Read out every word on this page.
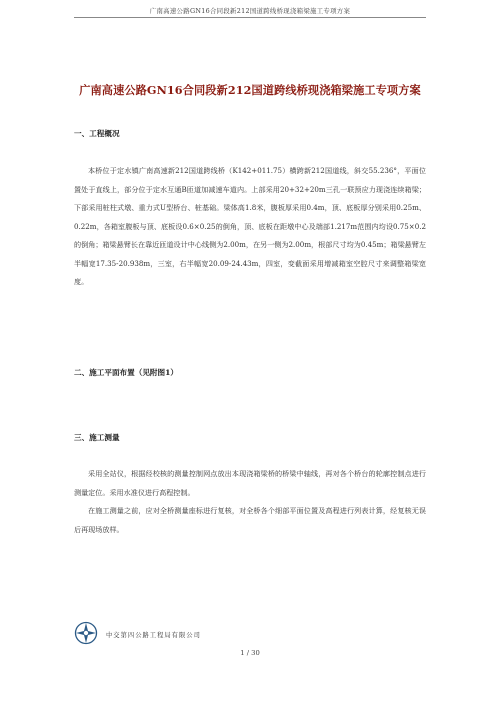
广南高速公路GN16合同段新212国道跨线桥现浇箱梁施工专项方案
广南高速公路GN16合同段新212国道跨线桥现浇箱梁施工专项方案
一、工程概况

本桥位于定水镇广南高速新212国道跨线桥（K142+011.75）横跨新212国道线，斜交55.236°，平面位置处于直线上，部分位于定水互通B匝道加减速车道内。上部采用20+32+20m三孔一联预应力现浇连续箱梁；下部采用桩柱式墩、重力式U型桥台、桩基础。梁体高1.8米，腹板厚采用0.4m，顶、底板厚分别采用0.25m、0.22m，各箱室腹板与顶、底板设0.6×0.25的倒角，顶、底板在距墩中心及端部1.217m范围内均设0.75×0.2的倒角；箱梁悬臂长在靠近匝道设计中心线侧为2.00m，在另一侧为2.00m，根部尺寸均为0.45m；箱梁悬臂左半幅宽17.35-20.938m，三室，右半幅宽20.09-24.43m，四室，变截面采用增减箱室空腔尺寸来调整箱梁宽度。

二、施工平面布置（见附图1）
三、施工测量

采用全站仪，根据经校核的测量控制网点放出本现浇箱梁桥的桥梁中轴线，再对各个桥台的轮廓控制点进行测量定位。采用水准仪进行高程控制。

在施工测量之前，应对全桥测量座标进行复核，对全桥各个细部平面位置及高程进行列表计算，经复核无误后再现场放样。

中交第四公路工程局有限公司
1 / 30
